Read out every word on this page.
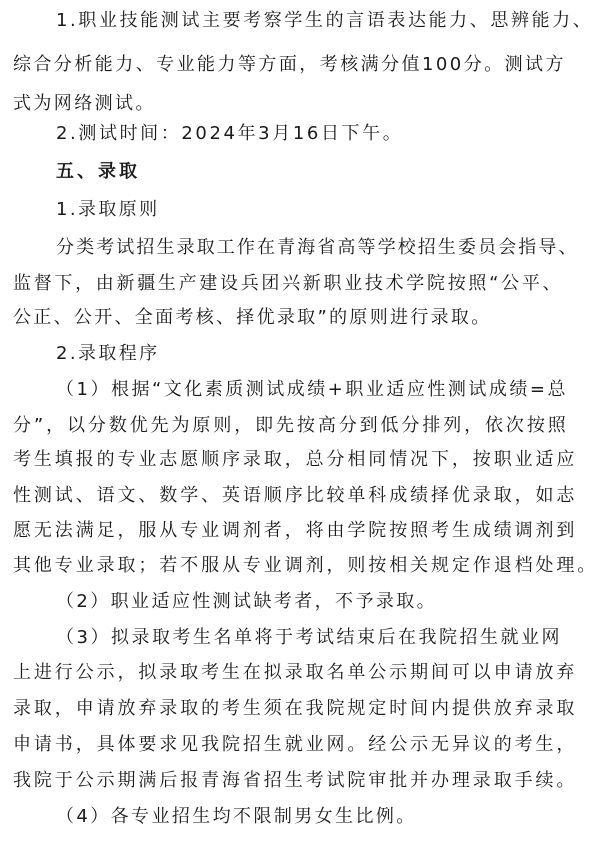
1.职业技能测试主要考察学生的言语表达能力、思辨能力、
综合分析能力、专业能力等方面，考核满分值100分。测试方
式为网络测试。
2.测试时间：2024年3月16日下午。
五、录取
1.录取原则
分类考试招生录取工作在青海省高等学校招生委员会指导、
监督下，由新疆生产建设兵团兴新职业技术学院按照“公平、
公正、公开、全面考核、择优录取”的原则进行录取。
2.录取程序
（1）根据“文化素质测试成绩+职业适应性测试成绩=总
分”，以分数优先为原则，即先按高分到低分排列，依次按照
考生填报的专业志愿顺序录取，总分相同情况下，按职业适应
性测试、语文、数学、英语顺序比较单科成绩择优录取，如志
愿无法满足，服从专业调剂者，将由学院按照考生成绩调剂到
其他专业录取；若不服从专业调剂，则按相关规定作退档处理。
（2）职业适应性测试缺考者，不予录取。
（3）拟录取考生名单将于考试结束后在我院招生就业网
上进行公示，拟录取考生在拟录取名单公示期间可以申请放弃
录取，申请放弃录取的考生须在我院规定时间内提供放弃录取
申请书，具体要求见我院招生就业网。经公示无异议的考生，
我院于公示期满后报青海省招生考试院审批并办理录取手续。
（4）各专业招生均不限制男女生比例。
